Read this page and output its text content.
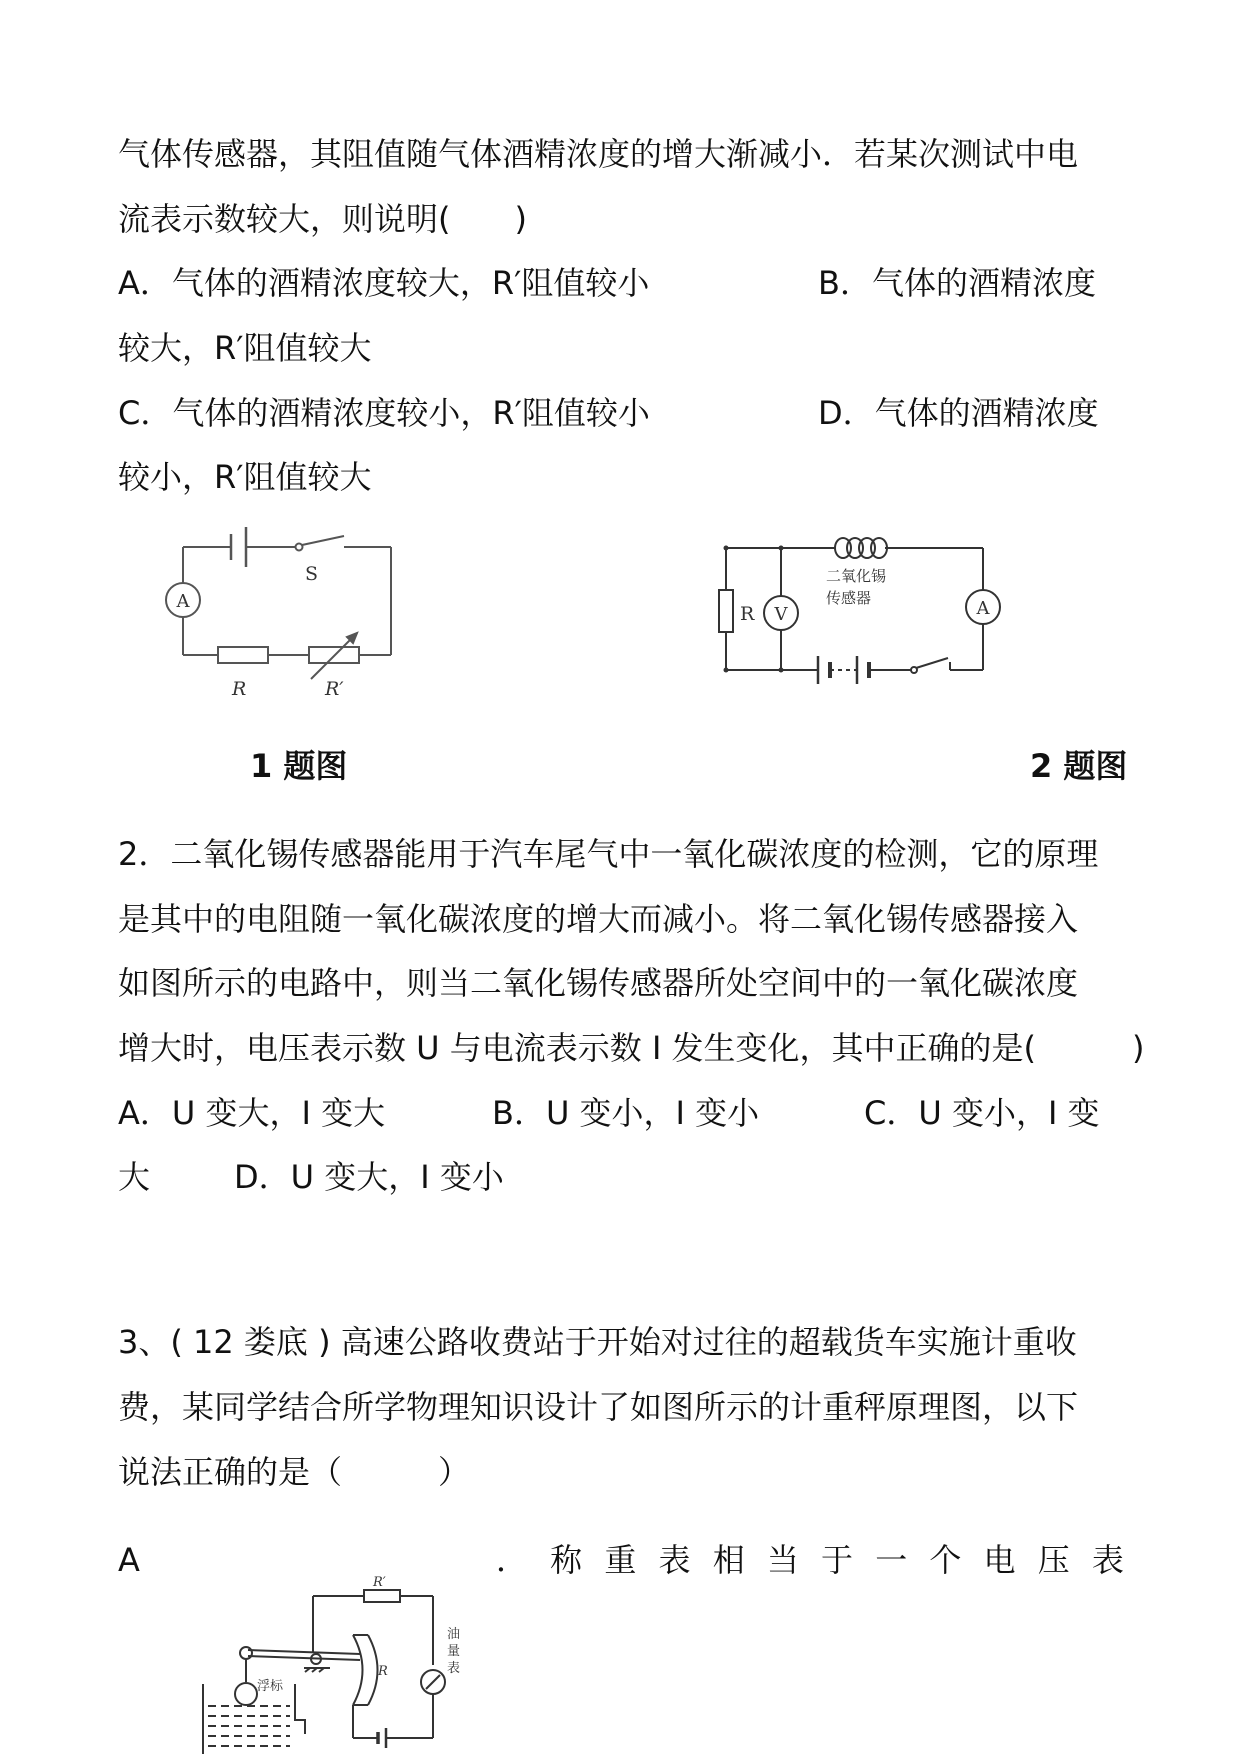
气体传感器，其阻值随气体酒精浓度的增大渐减小．若某次测试中电
流表示数较大，则说明(　　)
A．气体的酒精浓度较大，R′阻值较小	B．气体的酒精浓度
较大，R′阻值较大
C．气体的酒精浓度较小，R′阻值较小	D．气体的酒精浓度
较小，R′阻值较大
A
S
R	R′
R V	A
二氧化锡
传感器
1 题图	2 题图
2．二氧化锡传感器能用于汽车尾气中一氧化碳浓度的检测，它的原理
是其中的电阻随一氧化碳浓度的增大而减小。将二氧化锡传感器接入
如图所示的电路中，则当二氧化锡传感器所处空间中的一氧化碳浓度
增大时，电压表示数 U 与电流表示数 I 发生变化，其中正确的是(　　　)
A．U 变大，I 变大	B．U 变小，I 变小	C．U 变小，I 变
大	D．U 变大，I 变小
3、( 12 娄底 ) 高速公路收费站于开始对过往的超载货车实施计重收
费，某同学结合所学物理知识设计了如图所示的计重秤原理图，以下
说法正确的是（　　　）
A	． 称 重 表 相 当 于 一 个 电 压 表
R′
R
浮标
油
量
表
